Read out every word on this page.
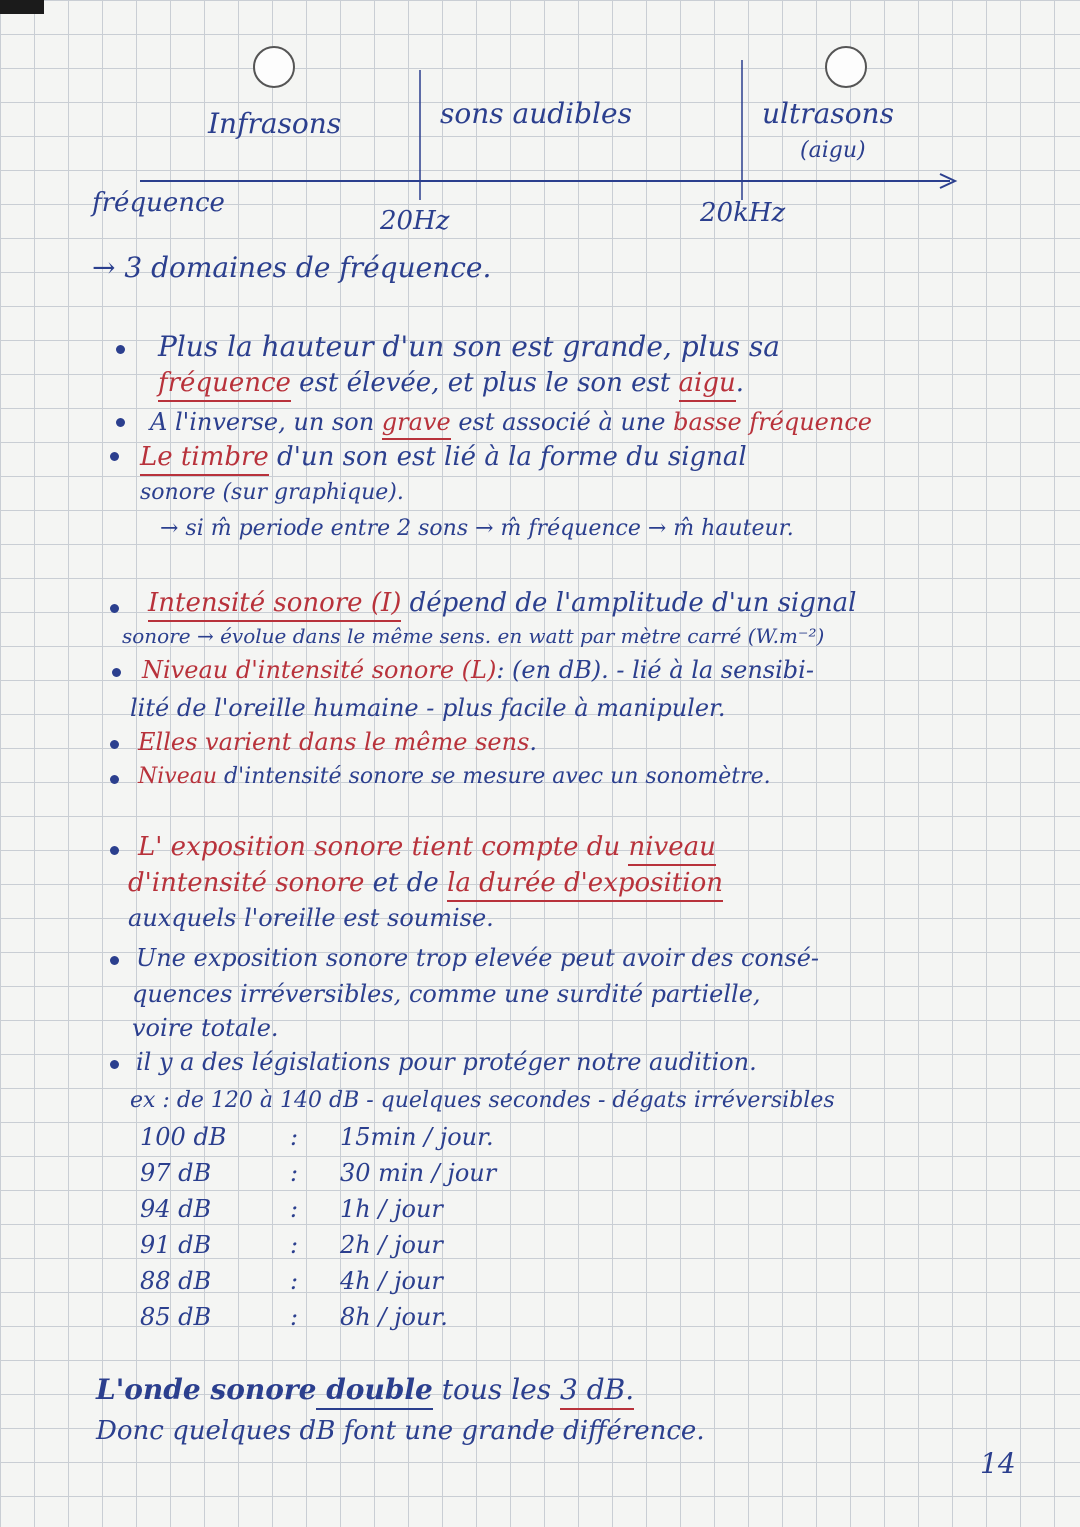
Infrasons	sons audibles	ultrasons
(aigu)
fréquence
20Hz	20kHz
→ 3 domaines de fréquence.
Plus la hauteur d'un son est grande, plus sa
fréquence est élevée, et plus le son est aigu.
A l'inverse, un son grave est associé à une basse fréquence
Le timbre d'un son est lié à la forme du signal
sonore (sur graphique).
→ si m̂ periode entre 2 sons → m̂ fréquence → m̂ hauteur.
Intensité sonore (I) dépend de l'amplitude d'un signal
sonore → évolue dans le même sens. en watt par mètre carré (W.m⁻²)
Niveau d'intensité sonore (L): (en dB). - lié à la sensibi-
lité de l'oreille humaine - plus facile à manipuler.
Elles varient dans le même sens.
Niveau d'intensité sonore se mesure avec un sonomètre.
L' exposition sonore tient compte du niveau
d'intensité sonore et de la durée d'exposition
auxquels l'oreille est soumise.
Une exposition sonore trop elevée peut avoir des consé-
quences irréversibles, comme une surdité partielle,
voire totale.
il y a des législations pour protéger notre audition.
ex : de 120 à 140 dB - quelques secondes - dégats irréversibles
100 dB	: 15min / jour.
97 dB	: 30 min / jour
94 dB	: 1h / jour
91 dB	: 2h / jour
88 dB	: 4h / jour
85 dB	: 8h / jour.
L'onde sonore double tous les 3 dB.
Donc quelques dB font une grande différence.
14
